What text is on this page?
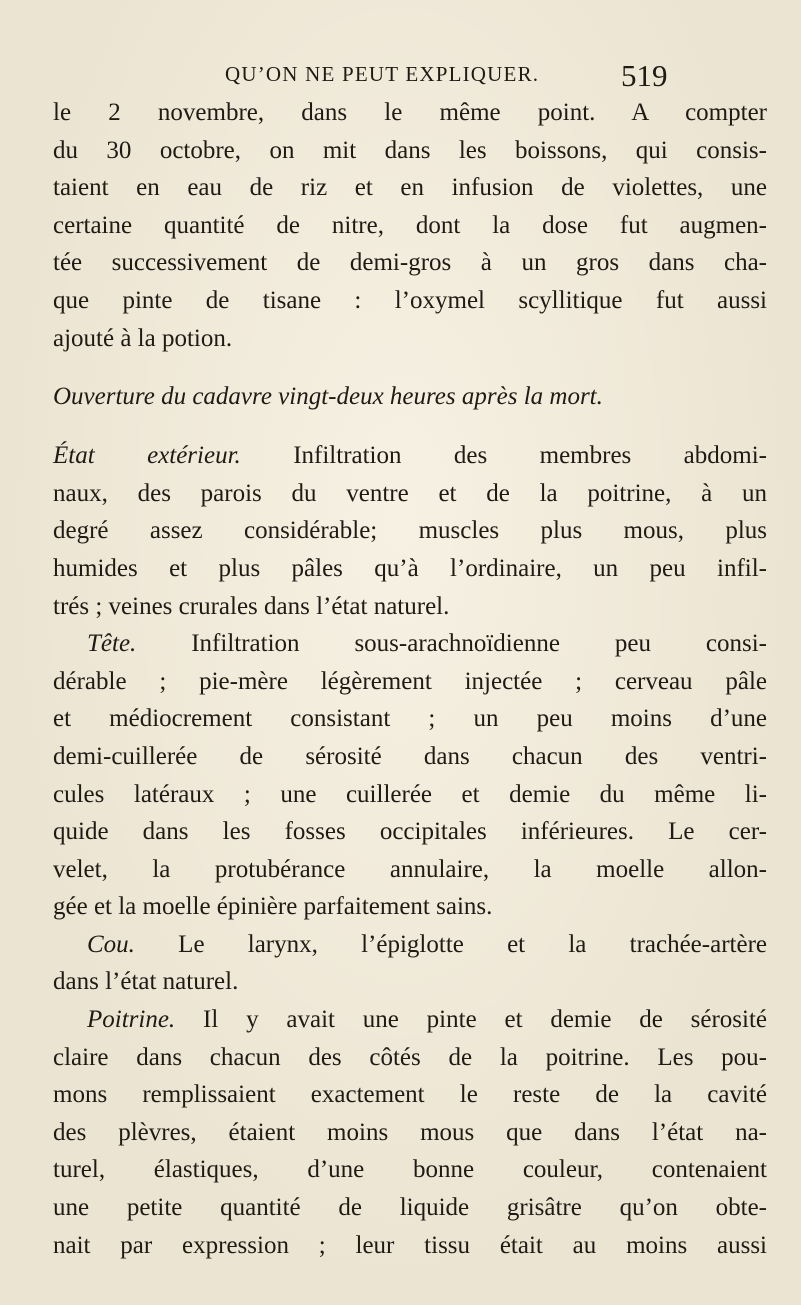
QU’ON NE PEUT EXPLIQUER.	519
le 2 novembre, dans le même point. A compter
du 30 octobre, on mit dans les boissons, qui consis-
taient en eau de riz et en infusion de violettes, une
certaine quantité de nitre, dont la dose fut augmen-
tée successivement de demi-gros à un gros dans cha-
que pinte de tisane : l’oxymel scyllitique fut aussi
ajouté à la potion.
Ouverture du cadavre vingt-deux heures après la mort.
État extérieur. Infiltration des membres abdomi-
naux, des parois du ventre et de la poitrine, à un
degré assez considérable; muscles plus mous, plus
humides et plus pâles qu’à l’ordinaire, un peu infil-
trés ; veines crurales dans l’état naturel.
Tête. Infiltration sous-arachnoïdienne peu consi-
dérable ; pie-mère légèrement injectée ; cerveau pâle
et médiocrement consistant ; un peu moins d’une
demi-cuillerée de sérosité dans chacun des ventri-
cules latéraux ; une cuillerée et demie du même li-
quide dans les fosses occipitales inférieures. Le cer-
velet, la protubérance annulaire, la moelle allon-
gée et la moelle épinière parfaitement sains.
Cou. Le larynx, l’épiglotte et la trachée-artère
dans l’état naturel.
Poitrine. Il y avait une pinte et demie de sérosité
claire dans chacun des côtés de la poitrine. Les pou-
mons remplissaient exactement le reste de la cavité
des plèvres, étaient moins mous que dans l’état na-
turel, élastiques, d’une bonne couleur, contenaient
une petite quantité de liquide grisâtre qu’on obte-
nait par expression ; leur tissu était au moins aussi
